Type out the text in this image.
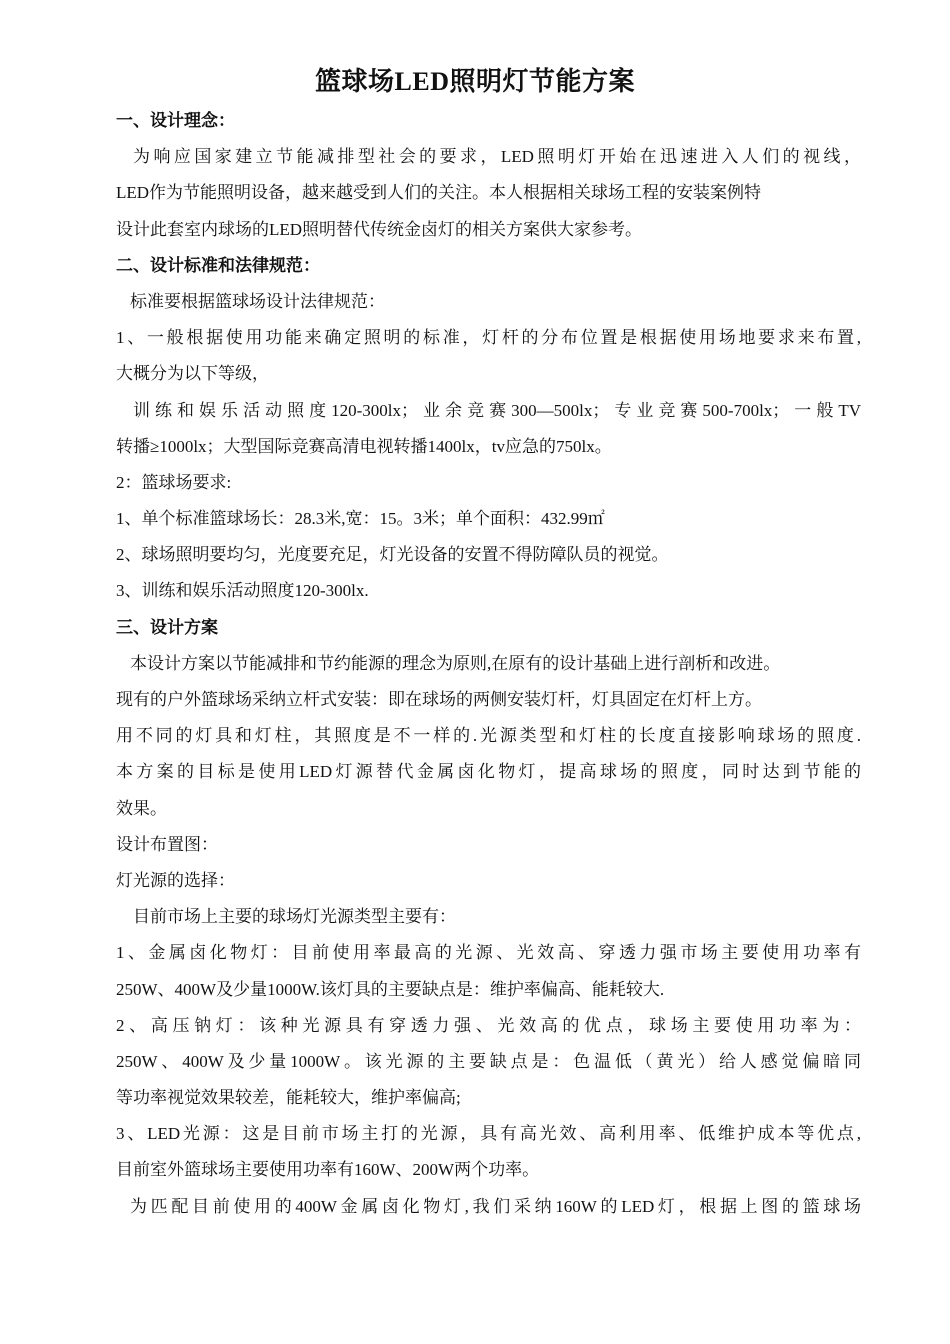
篮球场LED照明灯节能方案
一、设计理念：
为响应国家建立节能减排型社会的要求，LED照明灯开始在迅速进入人们的视线，
LED作为节能照明设备，越来越受到人们的关注。本人根据相关球场工程的安装案例特
设计此套室内球场的LED照明替代传统金卤灯的相关方案供大家参考。
二、设计标准和法律规范：
标准要根据篮球场设计法律规范：
1、一般根据使用功能来确定照明的标准，灯杆的分布位置是根据使用场地要求来布置,
大概分为以下等级，
训练和娱乐活动照度120-300lx；业余竞赛300—500lx；专业竞赛500-700lx；一般TV
转播≥1000lx；大型国际竞赛高清电视转播1400lx，tv应急的750lx。
2：篮球场要求:
1、单个标准篮球场长：28.3米,宽：15。3米；单个面积：432.99㎡
2、球场照明要均匀，光度要充足，灯光设备的安置不得防障队员的视觉。
3、训练和娱乐活动照度120-300lx.
三、设计方案
本设计方案以节能减排和节约能源的理念为原则,在原有的设计基础上进行剖析和改进。
现有的户外篮球场采纳立杆式安装：即在球场的两侧安装灯杆，灯具固定在灯杆上方。
用不同的灯具和灯柱，其照度是不一样的.光源类型和灯柱的长度直接影响球场的照度.
本方案的目标是使用LED灯源替代金属卤化物灯，提高球场的照度，同时达到节能的
效果。
设计布置图：
灯光源的选择：
目前市场上主要的球场灯光源类型主要有：
1、金属卤化物灯：目前使用率最高的光源、光效高、穿透力强市场主要使用功率有
250W、400W及少量1000W.该灯具的主要缺点是：维护率偏高、能耗较大.
2、高压钠灯：该种光源具有穿透力强、光效高的优点，球场主要使用功率为：
250W、400W及少量1000W。该光源的主要缺点是：色温低（黄光）给人感觉偏暗同
等功率视觉效果较差，能耗较大，维护率偏高;
3、LED光源：这是目前市场主打的光源，具有高光效、高利用率、低维护成本等优点,
目前室外篮球场主要使用功率有160W、200W两个功率。
为匹配目前使用的400W金属卤化物灯,我们采纳160W的LED灯，根据上图的篮球场
